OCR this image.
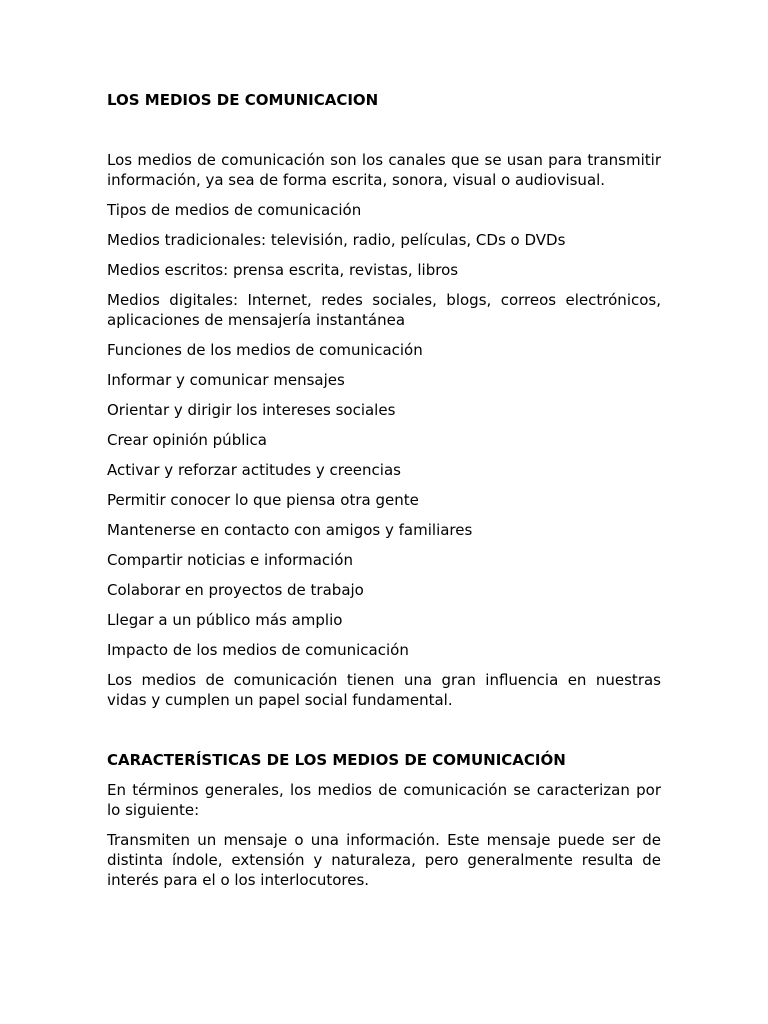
LOS MEDIOS DE COMUNICACION

Los medios de comunicación son los canales que se usan para transmitir información, ya sea de forma escrita, sonora, visual o audiovisual.

Tipos de medios de comunicación

Medios tradicionales: televisión, radio, películas, CDs o DVDs

Medios escritos: prensa escrita, revistas, libros

Medios digitales: Internet, redes sociales, blogs, correos electrónicos, aplicaciones de mensajería instantánea

Funciones de los medios de comunicación

Informar y comunicar mensajes

Orientar y dirigir los intereses sociales

Crear opinión pública

Activar y reforzar actitudes y creencias

Permitir conocer lo que piensa otra gente

Mantenerse en contacto con amigos y familiares

Compartir noticias e información

Colaborar en proyectos de trabajo

Llegar a un público más amplio

Impacto de los medios de comunicación

Los medios de comunicación tienen una gran influencia en nuestras vidas y cumplen un papel social fundamental.

CARACTERÍSTICAS DE LOS MEDIOS DE COMUNICACIÓN

En términos generales, los medios de comunicación se caracterizan por lo siguiente:

Transmiten un mensaje o una información. Este mensaje puede ser de distinta índole, extensión y naturaleza, pero generalmente resulta de interés para el o los interlocutores.
